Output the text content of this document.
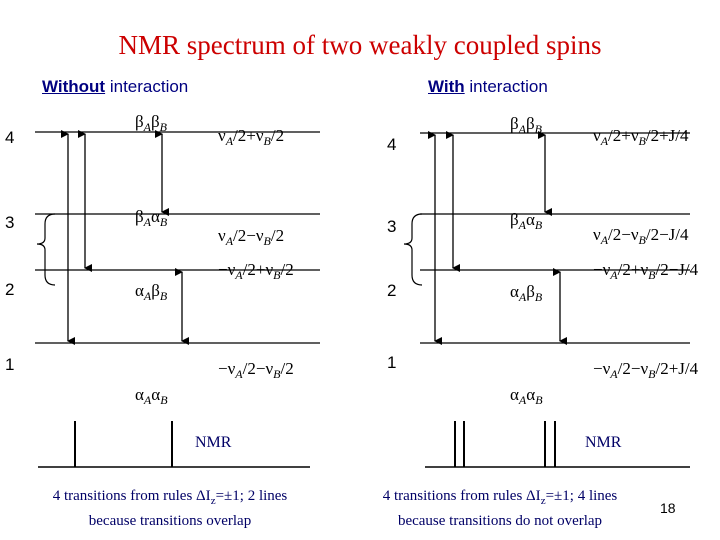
NMR spectrum of two weakly coupled spins
Without interaction	With interaction
4
3
2
1
$\beta_A\beta_B$
$\beta_A\alpha_B$
$\alpha_A\beta_B$
$\alpha_A\alpha_B$
$\nu_A/2+\nu_B/2$
$\nu_A/2-\nu_B/2$
$-\nu_A/2+\nu_B/2$
$-\nu_A/2-\nu_B/2$
NMR
4
3
2
1
$\beta_A\beta_B$
$\beta_A\alpha_B$
$\alpha_A\beta_B$
$\alpha_A\alpha_B$
$\nu_A/2+\nu_B/2+J/4$
$\nu_A/2-\nu_B/2-J/4$
$-\nu_A/2+\nu_B/2-J/4$
$-\nu_A/2-\nu_B/2+J/4$
NMR
4 transitions from rules $\Delta I_z=\pm 1$; 2 lines
because transitions overlap
4 transitions from rules $\Delta I_z=\pm 1$; 4 lines
because transitions do not overlap
18
